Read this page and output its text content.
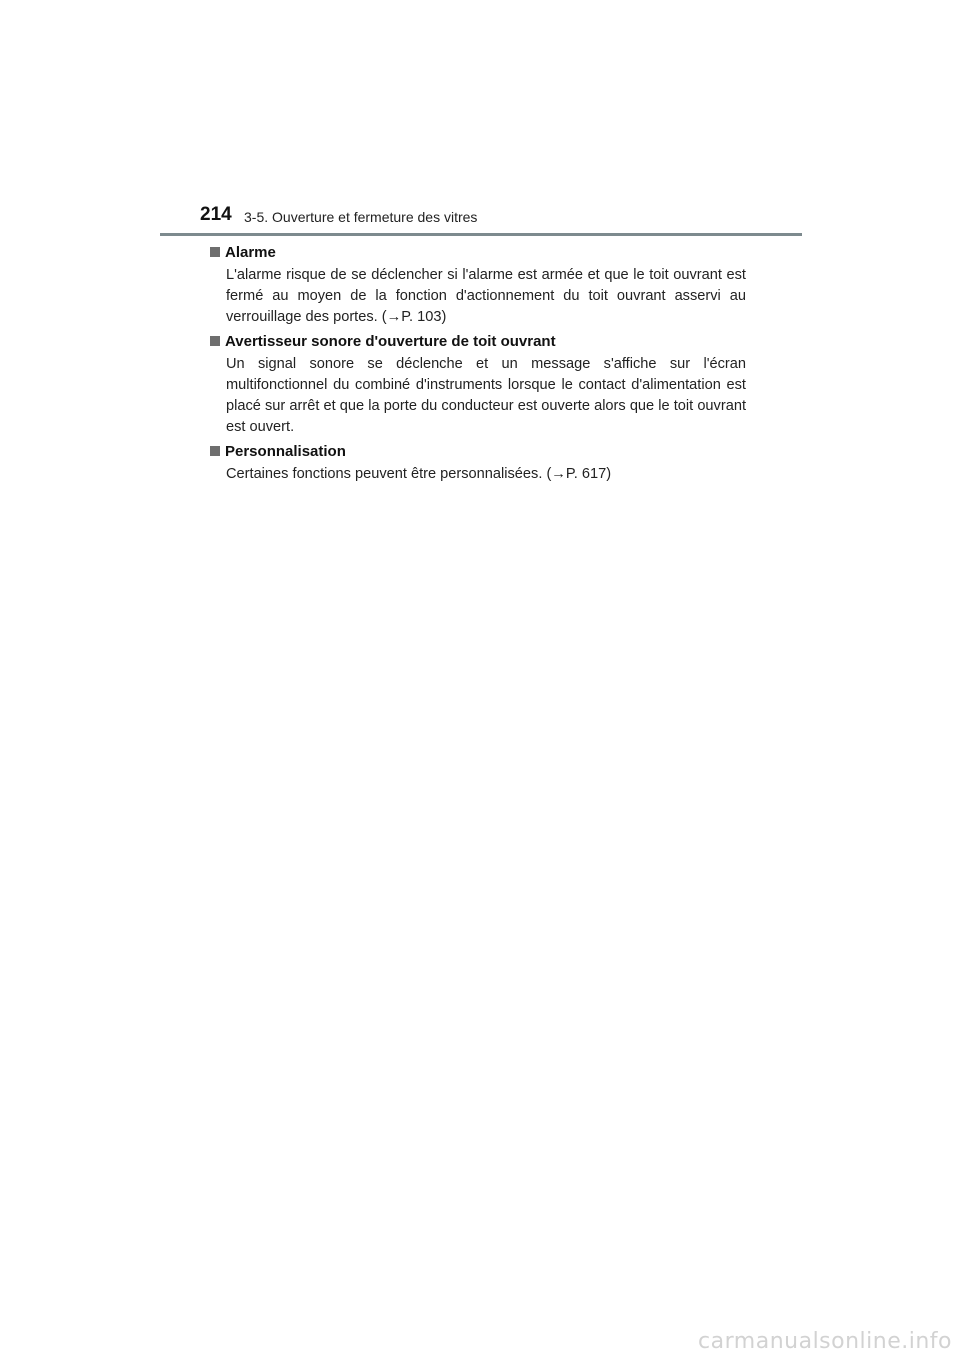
214 3-5. Ouverture et fermeture des vitres
Alarme
L'alarme risque de se déclencher si l'alarme est armée et que le toit ouvrant est fermé au moyen de la fonction d'actionnement du toit ouvrant asservi au verrouillage des portes. (→P. 103)
Avertisseur sonore d'ouverture de toit ouvrant
Un signal sonore se déclenche et un message s'affiche sur l'écran multifonctionnel du combiné d'instruments lorsque le contact d'alimentation est placé sur arrêt et que la porte du conducteur est ouverte alors que le toit ouvrant est ouvert.
Personnalisation
Certaines fonctions peuvent être personnalisées. (→P. 617)
carmanualsonline.info
